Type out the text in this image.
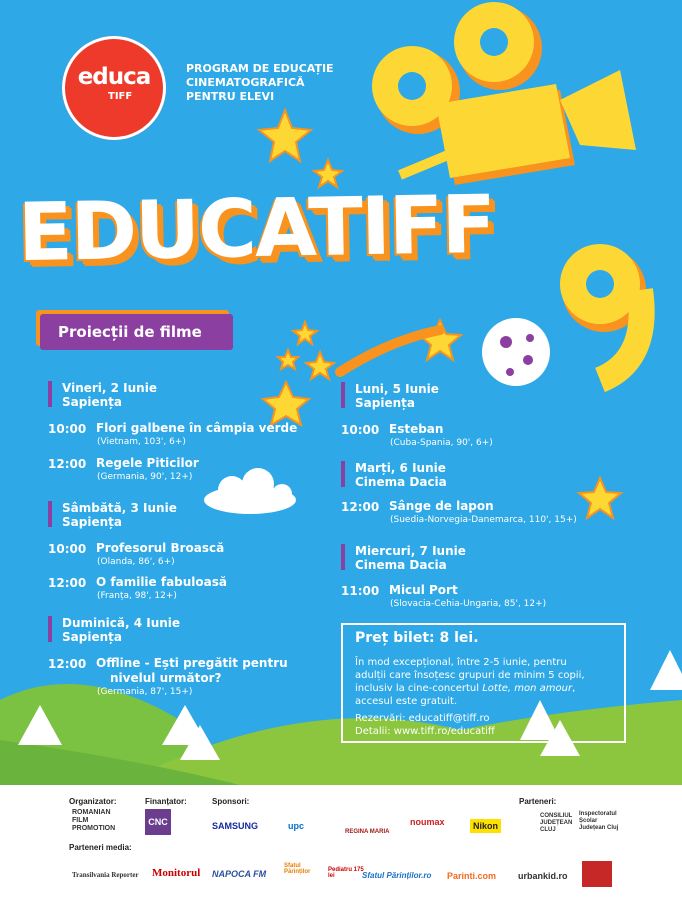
educa
TIFF
PROGRAM DE EDUCAȚIE
CINEMATOGRAFICĂ
PENTRU ELEVI
EDUCATIFF
Proiecții de filme
Vineri, 2 Iunie
Sapiența
10:00 Flori galbene în câmpia verde
(Vietnam, 103', 6+)
12:00 Regele Piticilor
(Germania, 90', 12+)
Sâmbătă, 3 Iunie
Sapiența
10:00 Profesorul Broască
(Olanda, 86', 6+)
12:00 O familie fabuloasă
(Franța, 98', 12+)
Duminică, 4 Iunie
Sapiența
12:00 Offline - Ești pregătit pentru
nivelul următor?
(Germania, 87', 15+)
Luni, 5 Iunie
Sapiența
10:00 Esteban
(Cuba-Spania, 90', 6+)
Marți, 6 Iunie
Cinema Dacia
12:00 Sânge de lapon
(Suedia-Norvegia-Danemarca, 110', 15+)
Miercuri, 7 Iunie
Cinema Dacia
11:00 Micul Port
(Slovacia-Cehia-Ungaria, 85', 12+)
Preț bilet: 8 lei.
În mod excepțional, între 2-5 iunie, pentru
adulții care însoțesc grupuri de minim 5 copii,
inclusiv la cine-concertul Lotte, mon amour,
accesul este gratuit.
Rezervări: educatiff@tiff.ro
Detalii: www.tiff.ro/educatiff
Organizator:	Finanțator:	Sponsori:	Parteneri:
ROMANIAN
FILM
PROMOTION
CNC	SAMSUNG	upc
REGINA MARIA
noumax	Nikon
CONSILIUL JUDEȚEAN CLUJ
Inspectoratul Școlar Județean Cluj
Parteneri media:
Transilvania Reporter Monitorul NAPOCA FM
Sfatul Părinților	Pediatru 175 lei	Sfatul Părinților.ro Parinti.com urbankid.ro
